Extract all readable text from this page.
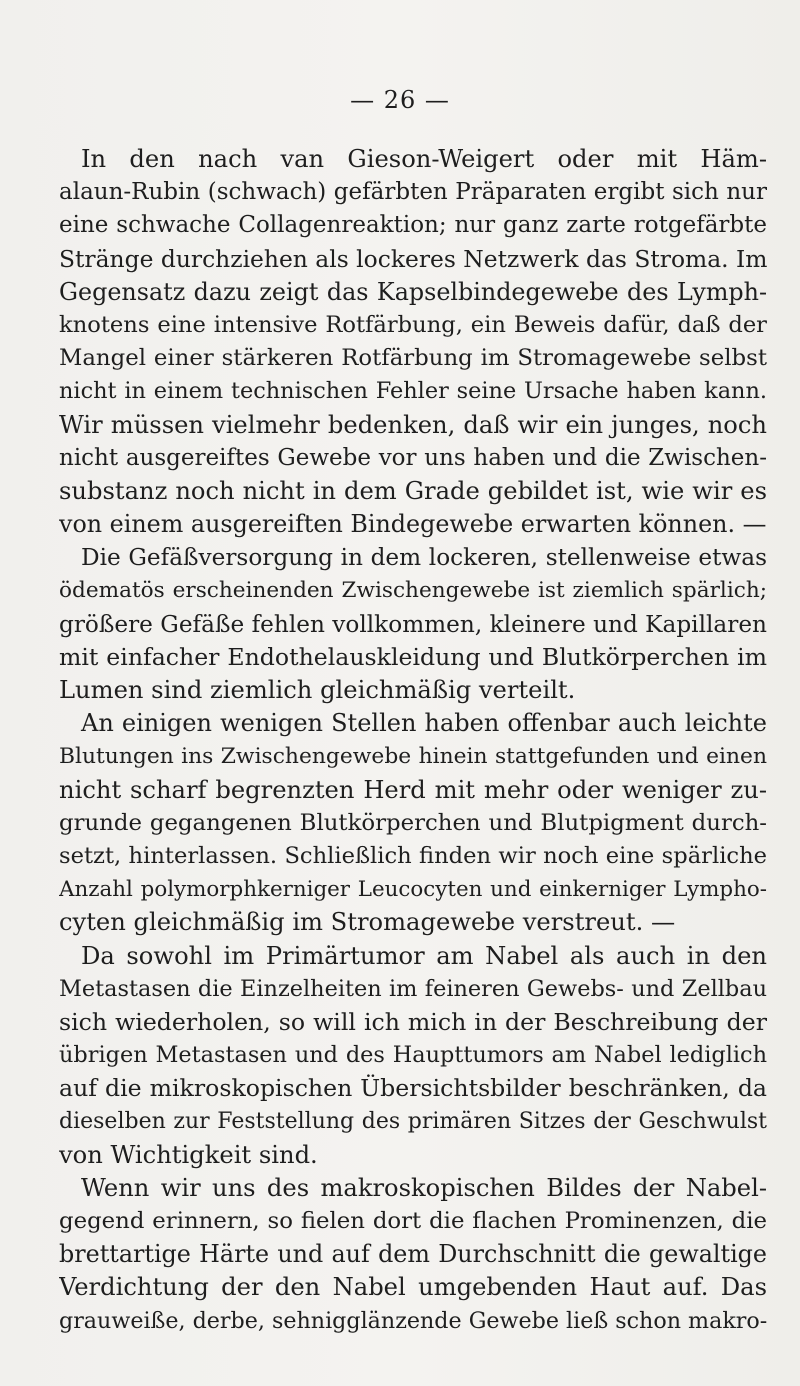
— 26 —
In den nach van Gieson-Weigert oder mit Häm-
alaun-Rubin (schwach) gefärbten Präparaten ergibt sich nur
eine schwache Collagenreaktion; nur ganz zarte rotgefärbte
Stränge durchziehen als lockeres Netzwerk das Stroma. Im
Gegensatz dazu zeigt das Kapselbindegewebe des Lymph-
knotens eine intensive Rotfärbung, ein Beweis dafür, daß der
Mangel einer stärkeren Rotfärbung im Stromagewebe selbst
nicht in einem technischen Fehler seine Ursache haben kann.
Wir müssen vielmehr bedenken, daß wir ein junges, noch
nicht ausgereiftes Gewebe vor uns haben und die Zwischen-
substanz noch nicht in dem Grade gebildet ist, wie wir es
von einem ausgereiften Bindegewebe erwarten können. —
Die Gefäßversorgung in dem lockeren, stellenweise etwas
ödematös erscheinenden Zwischengewebe ist ziemlich spärlich;
größere Gefäße fehlen vollkommen, kleinere und Kapillaren
mit einfacher Endothelauskleidung und Blutkörperchen im
Lumen sind ziemlich gleichmäßig verteilt.
An einigen wenigen Stellen haben offenbar auch leichte
Blutungen ins Zwischengewebe hinein stattgefunden und einen
nicht scharf begrenzten Herd mit mehr oder weniger zu-
grunde gegangenen Blutkörperchen und Blutpigment durch-
setzt, hinterlassen. Schließlich finden wir noch eine spärliche
Anzahl polymorphkerniger Leucocyten und einkerniger Lympho-
cyten gleichmäßig im Stromagewebe verstreut. —
Da sowohl im Primärtumor am Nabel als auch in den
Metastasen die Einzelheiten im feineren Gewebs- und Zellbau
sich wiederholen, so will ich mich in der Beschreibung der
übrigen Metastasen und des Haupttumors am Nabel lediglich
auf die mikroskopischen Übersichtsbilder beschränken, da
dieselben zur Feststellung des primären Sitzes der Geschwulst
von Wichtigkeit sind.
Wenn wir uns des makroskopischen Bildes der Nabel-
gegend erinnern, so fielen dort die flachen Prominenzen, die
brettartige Härte und auf dem Durchschnitt die gewaltige
Verdichtung der den Nabel umgebenden Haut auf. Das
grauweiße, derbe, sehnigglänzende Gewebe ließ schon makro-
